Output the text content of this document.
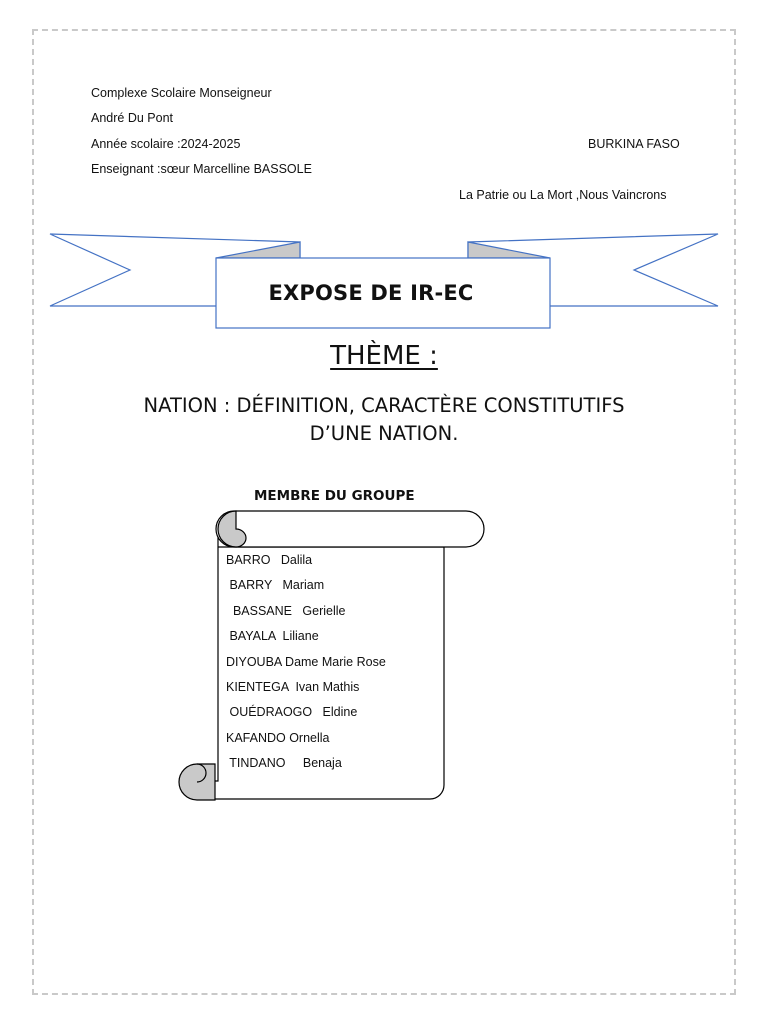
Complexe Scolaire Monseigneur
André Du Pont
Année scolaire :2024-2025	BURKINA FASO
Enseignant :sœur Marcelline BASSOLE
La Patrie ou La Mort ,Nous Vaincrons
EXPOSE DE IR-EC
THÈME :
NATION : DÉFINITION, CARACTÈRE CONSTITUTIFS
D’UNE NATION.
MEMBRE DU GROUPE
BARRO   Dalila
BARRY   Mariam
BASSANE   Gerielle
BAYALA  Liliane
DIYOUBA Dame Marie Rose
KIENTEGA  Ivan Mathis
OUÉDRAOGO   Eldine
KAFANDO Ornella
TINDANO     Benaja
